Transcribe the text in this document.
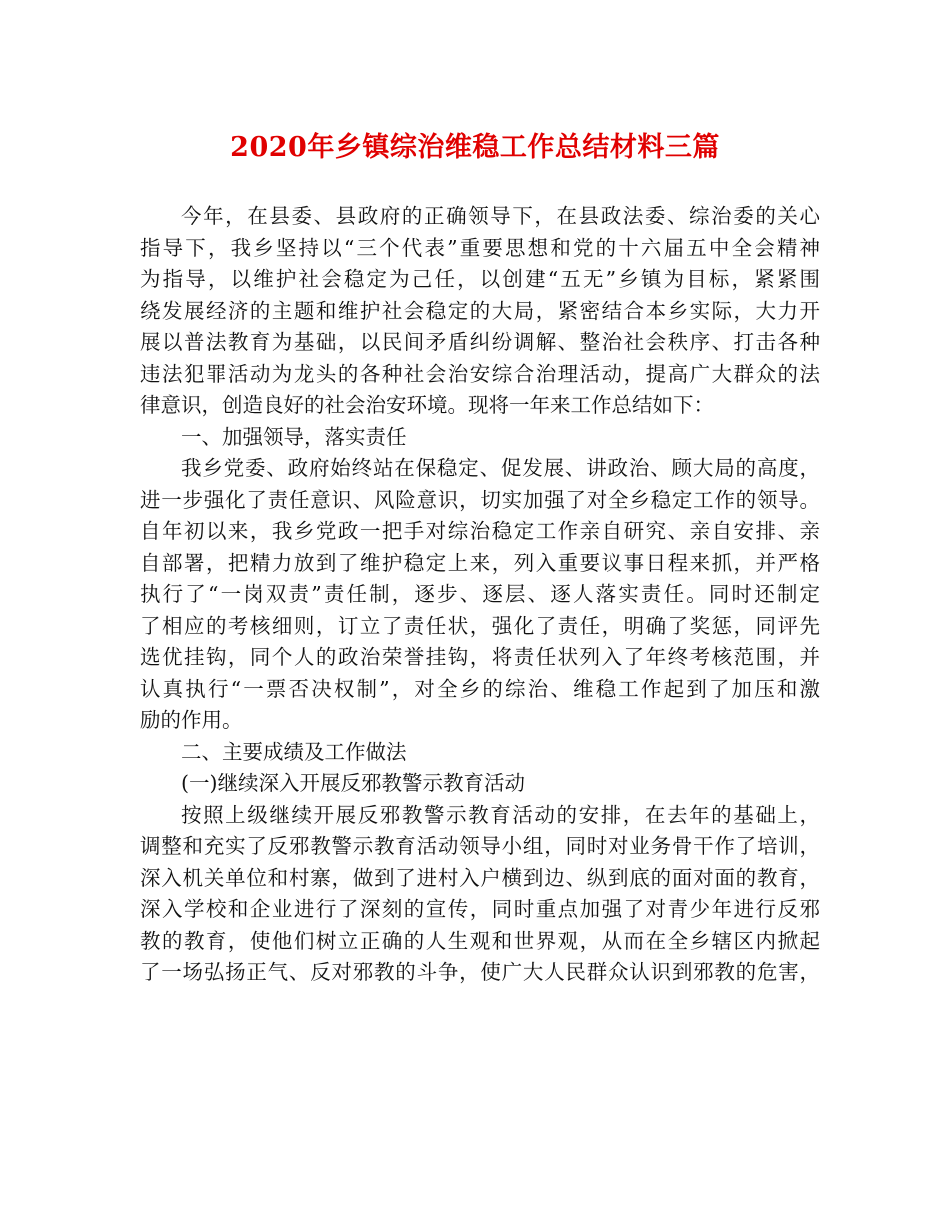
2020年乡镇综治维稳工作总结材料三篇
今年，在县委、县政府的正确领导下，在县政法委、综治委的关心
指导下，我乡坚持以“三个代表”重要思想和党的十六届五中全会精神
为指导，以维护社会稳定为己任，以创建“五无”乡镇为目标，紧紧围
绕发展经济的主题和维护社会稳定的大局，紧密结合本乡实际，大力开
展以普法教育为基础，以民间矛盾纠纷调解、整治社会秩序、打击各种
违法犯罪活动为龙头的各种社会治安综合治理活动，提高广大群众的法
律意识，创造良好的社会治安环境。现将一年来工作总结如下：
一、加强领导，落实责任
我乡党委、政府始终站在保稳定、促发展、讲政治、顾大局的高度，
进一步强化了责任意识、风险意识，切实加强了对全乡稳定工作的领导。
自年初以来，我乡党政一把手对综治稳定工作亲自研究、亲自安排、亲
自部署，把精力放到了维护稳定上来，列入重要议事日程来抓，并严格
执行了“一岗双责”责任制，逐步、逐层、逐人落实责任。同时还制定
了相应的考核细则，订立了责任状，强化了责任，明确了奖惩，同评先
选优挂钩，同个人的政治荣誉挂钩，将责任状列入了年终考核范围，并
认真执行“一票否决权制”，对全乡的综治、维稳工作起到了加压和激
励的作用。
二、主要成绩及工作做法
(一)继续深入开展反邪教警示教育活动
按照上级继续开展反邪教警示教育活动的安排，在去年的基础上，
调整和充实了反邪教警示教育活动领导小组，同时对业务骨干作了培训，
深入机关单位和村寨，做到了进村入户横到边、纵到底的面对面的教育，
深入学校和企业进行了深刻的宣传，同时重点加强了对青少年进行反邪
教的教育，使他们树立正确的人生观和世界观，从而在全乡辖区内掀起
了一场弘扬正气、反对邪教的斗争，使广大人民群众认识到邪教的危害，
